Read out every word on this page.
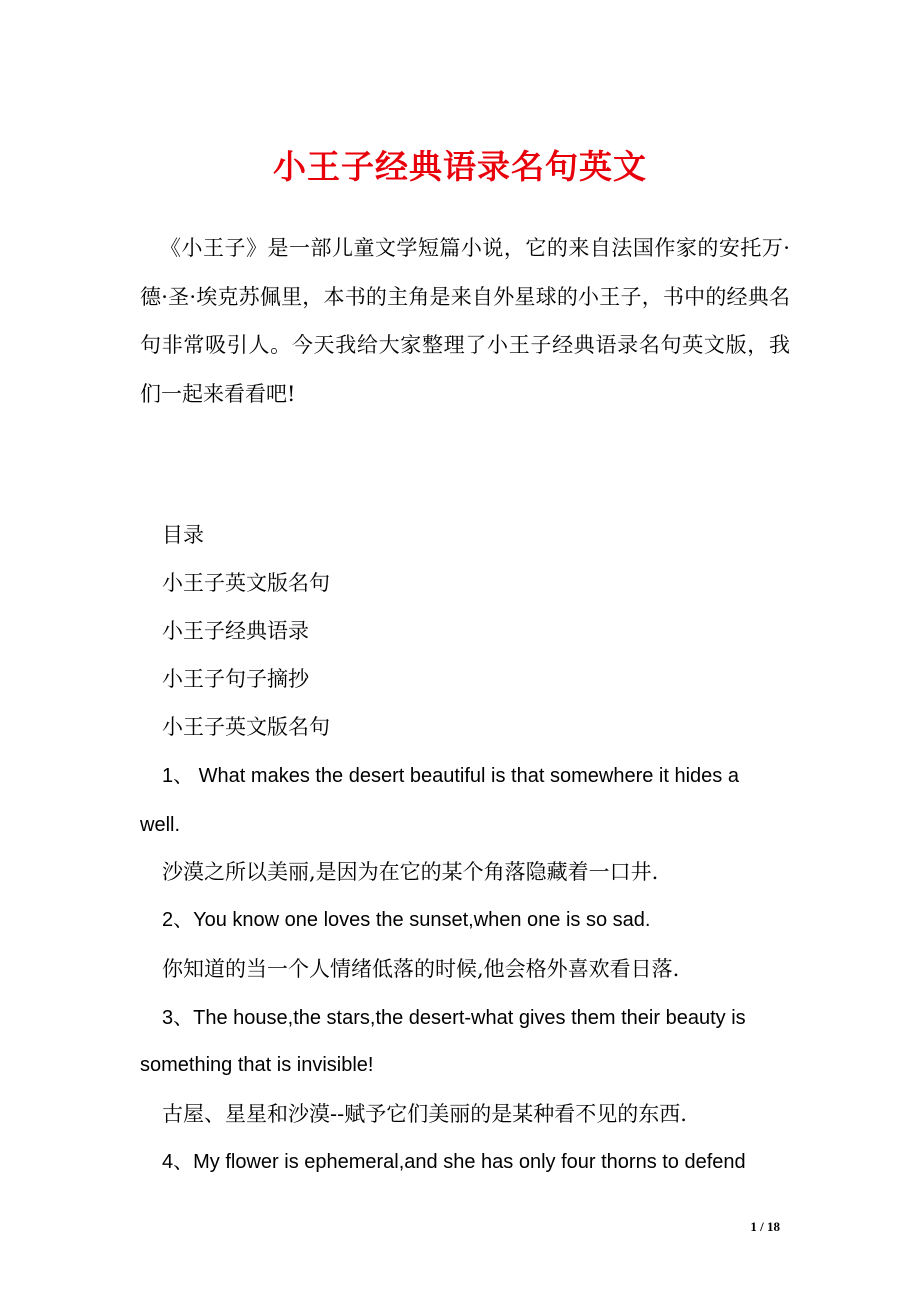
小王子经典语录名句英文
《小王子》是一部儿童文学短篇小说，它的来自法国作家的安托万·德·圣·埃克苏佩里，本书的主角是来自外星球的小王子，书中的经典名句非常吸引人。今天我给大家整理了小王子经典语录名句英文版，我们一起来看看吧!
目录
小王子英文版名句
小王子经典语录
小王子句子摘抄
小王子英文版名句
1、 What makes the desert beautiful is that somewhere it hides a
well.
沙漠之所以美丽,是因为在它的某个角落隐藏着一口井.
2、You know one loves the sunset,when one is so sad.
你知道的当一个人情绪低落的时候,他会格外喜欢看日落.
3、The house,the stars,the desert-what gives them their beauty is
something that is invisible!
古屋、星星和沙漠--赋予它们美丽的是某种看不见的东西.
4、My flower is ephemeral,and she has only four thorns to defend
1 / 18
